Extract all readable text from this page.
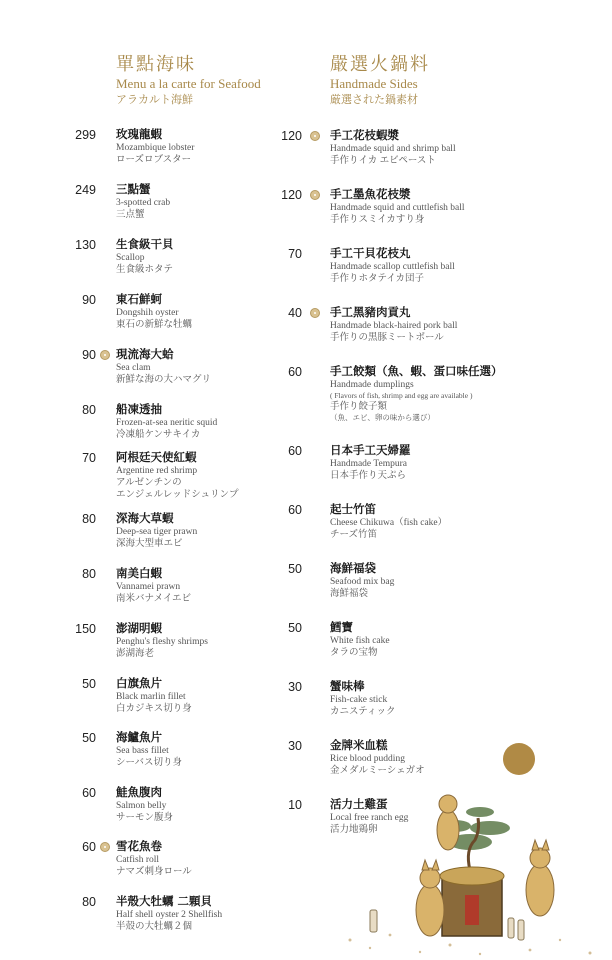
單點海味
Menu a la carte for Seafood
アラカルト海鮮
嚴選火鍋料
Handmade Sides
厳選された鍋素材
299 玫瑰龍蝦
Mozambique lobster
ローズロブスター
249 三點蟹
3-spotted crab
三点蟹
130 生食級干貝
Scallop
生食級ホタテ
90 東石鮮蚵
Dongshih oyster
東石の新鮮な牡蠣
90 現流海大蛤
Sea clam
新鮮な海の大ハマグリ
80 船凍透抽
Frozen-at-sea neritic squid
冷凍船ケンサキイカ
70 阿根廷天使紅蝦
Argentine red shrimp
アルゼンチンの
エンジェルレッドシュリンプ
80 深海大草蝦
Deep-sea tiger prawn
深海大型車エビ
80 南美白蝦
Vannamei prawn
南米バナメイエビ
150 澎湖明蝦
Penghu's fleshy shrimps
澎湖海老
50 白旗魚片
Black marlin fillet
白カジキス切り身
50 海鱸魚片
Sea bass fillet
シーバス切り身
60 鮭魚腹肉
Salmon belly
サーモン腹身
60 雪花魚卷
Catfish roll
ナマズ刺身ロール
80 半殼大牡蠣 二顆貝
Half shell oyster 2 Shellfish
半殻の大牡蠣２個
120 手工花枝蝦漿
Handmade squid and shrimp ball
手作りイカ エビペースト
120 手工墨魚花枝漿
Handmade squid and cuttlefish ball
手作りスミイカすり身
70 手工干貝花枝丸
Handmade scallop cuttlefish ball
手作りホタテイカ団子
40 手工黑豬肉貢丸
Handmade black-haired pork ball
手作りの黒豚ミートボール
60 手工餃類（魚、蝦、蛋口味任選）
Handmade dumplings
( Flavors of fish, shrimp and egg are available )
手作り餃子類
（魚、エビ、卵の味から選び）
60 日本手工天婦羅
Handmade Tempura
日本手作り天ぷら
60 起士竹笛
Cheese Chikuwa（fish cake）
チーズ竹笛
50 海鮮福袋
Seafood mix bag
海鮮福袋
50 鱈寶
White fish cake
タラの宝物
30 蟹味棒
Fish-cake stick
カニスティック
30 金牌米血糕
Rice blood pudding
金メダルミーシェガオ
10 活力土雞蛋
Local free ranch egg
活力地鶏卵
